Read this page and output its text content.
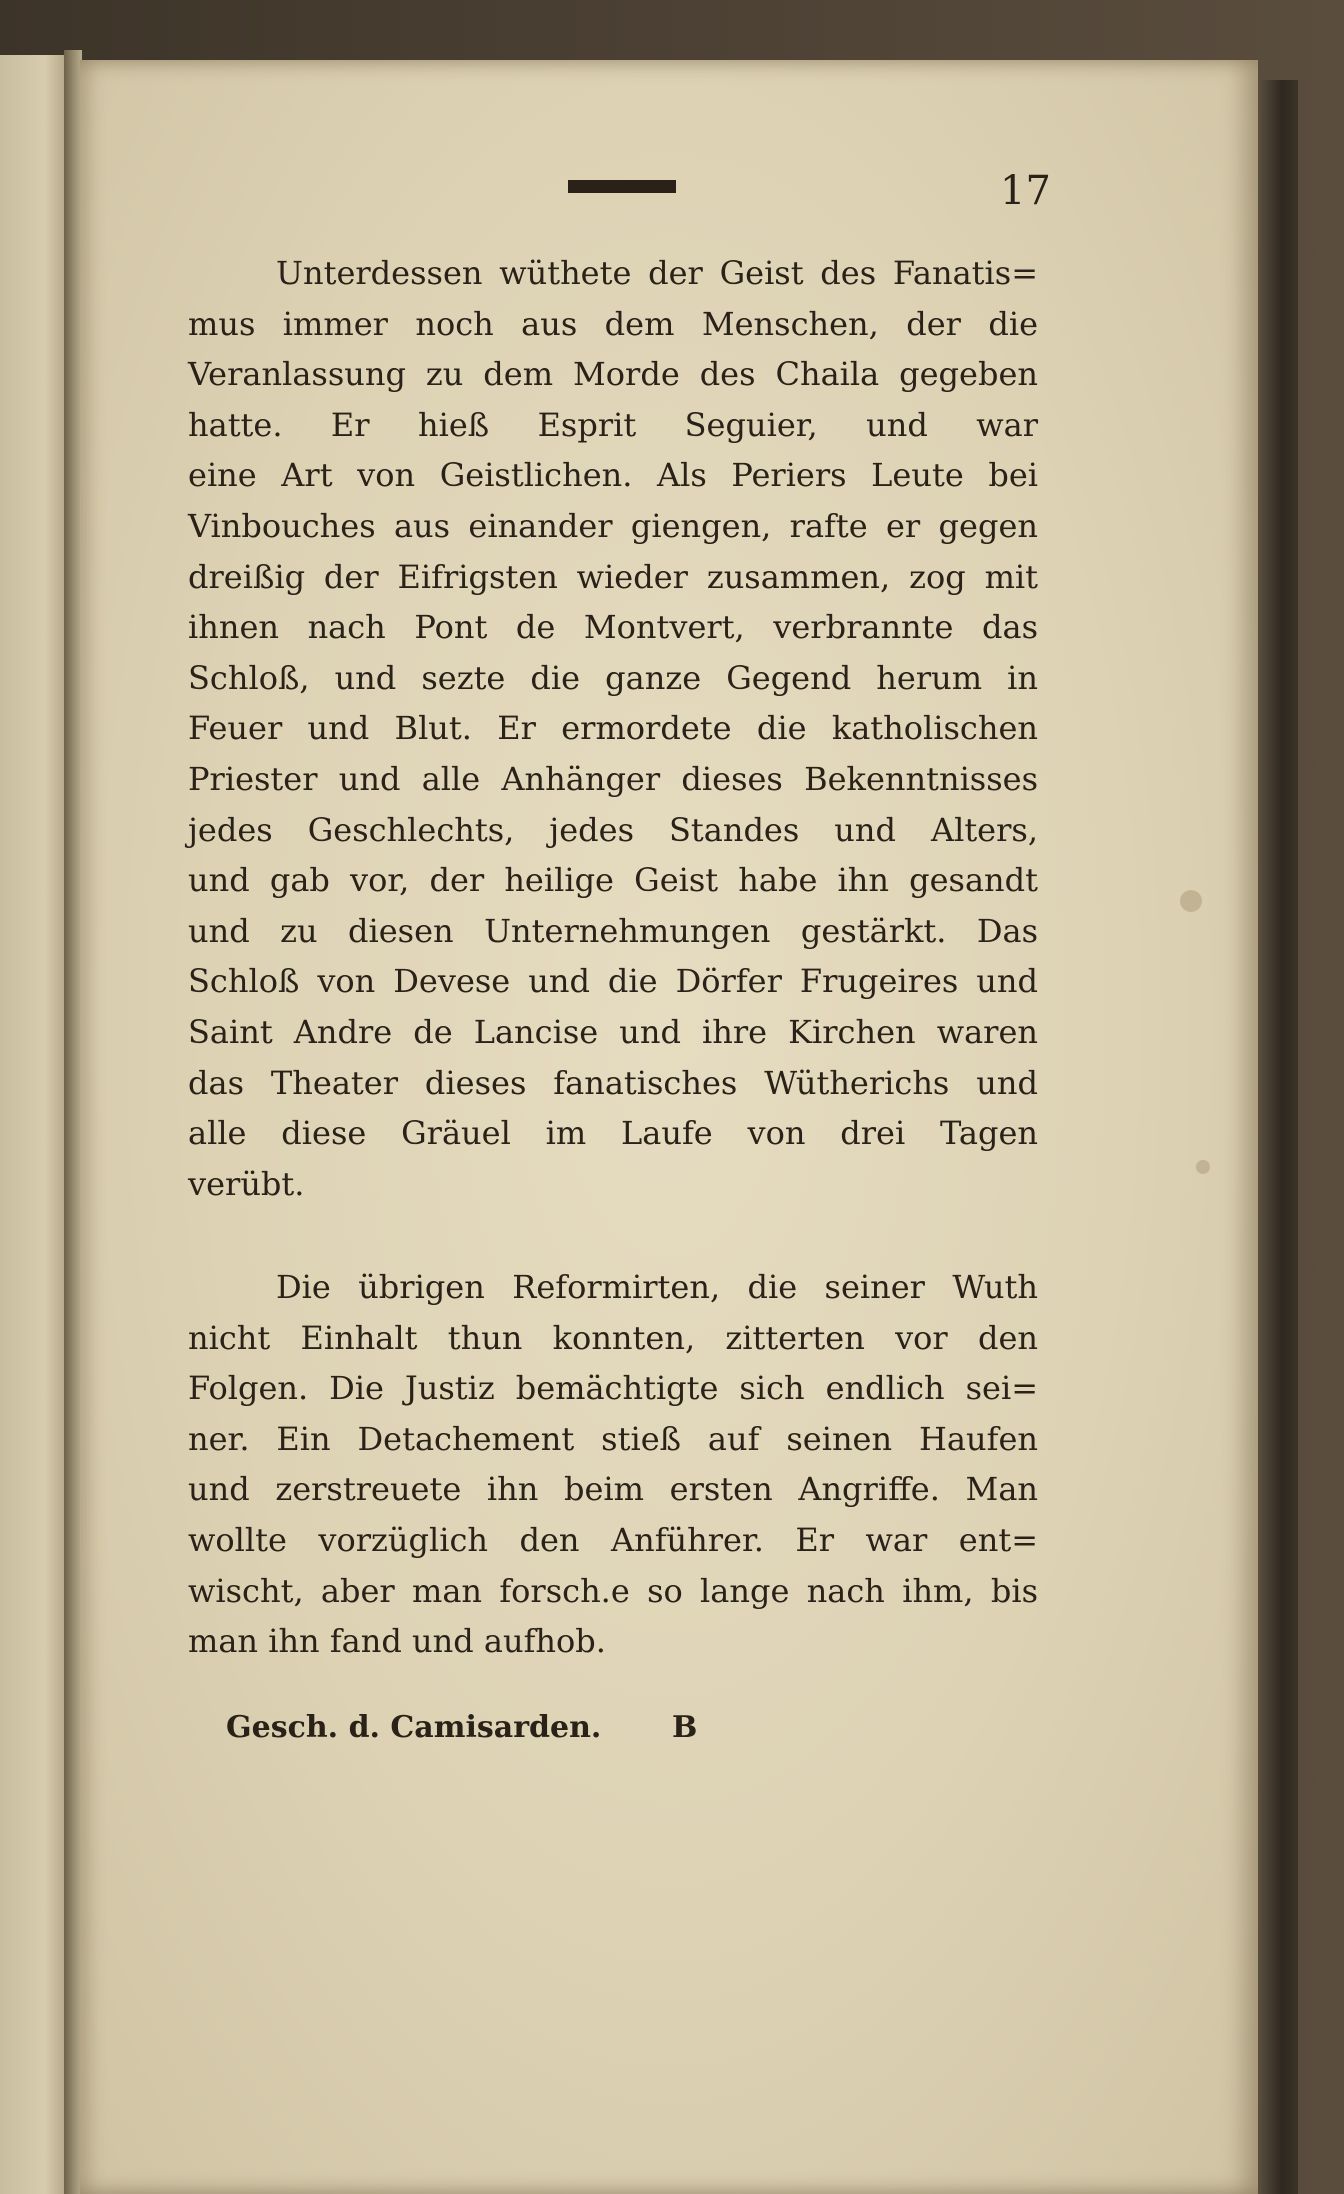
17
Unterdessen wüthete der Geist des Fanatis=
mus immer noch aus dem Menschen, der die
Veranlassung zu dem Morde des Chaila gegeben
hatte. Er hieß Esprit Seguier, und war
eine Art von Geistlichen. Als Periers Leute bei
Vinbouches aus einander giengen, rafte er gegen
dreißig der Eifrigsten wieder zusammen, zog mit
ihnen nach Pont de Montvert, verbrannte das
Schloß, und sezte die ganze Gegend herum in
Feuer und Blut. Er ermordete die katholischen
Priester und alle Anhänger dieses Bekenntnisses
jedes Geschlechts, jedes Standes und Alters,
und gab vor, der heilige Geist habe ihn gesandt
und zu diesen Unternehmungen gestärkt. Das
Schloß von Devese und die Dörfer Frugeires und
Saint Andre de Lancise und ihre Kirchen waren
das Theater dieses fanatisches Wütherichs und
alle diese Gräuel im Laufe von drei Tagen
verübt.
Die übrigen Reformirten, die seiner Wuth
nicht Einhalt thun konnten, zitterten vor den
Folgen. Die Justiz bemächtigte sich endlich sei=
ner. Ein Detachement stieß auf seinen Haufen
und zerstreuete ihn beim ersten Angriffe. Man
wollte vorzüglich den Anführer. Er war ent=
wischt, aber man forsch.e so lange nach ihm, bis
man ihn fand und aufhob.
Gesch. d. Camisarden. B
